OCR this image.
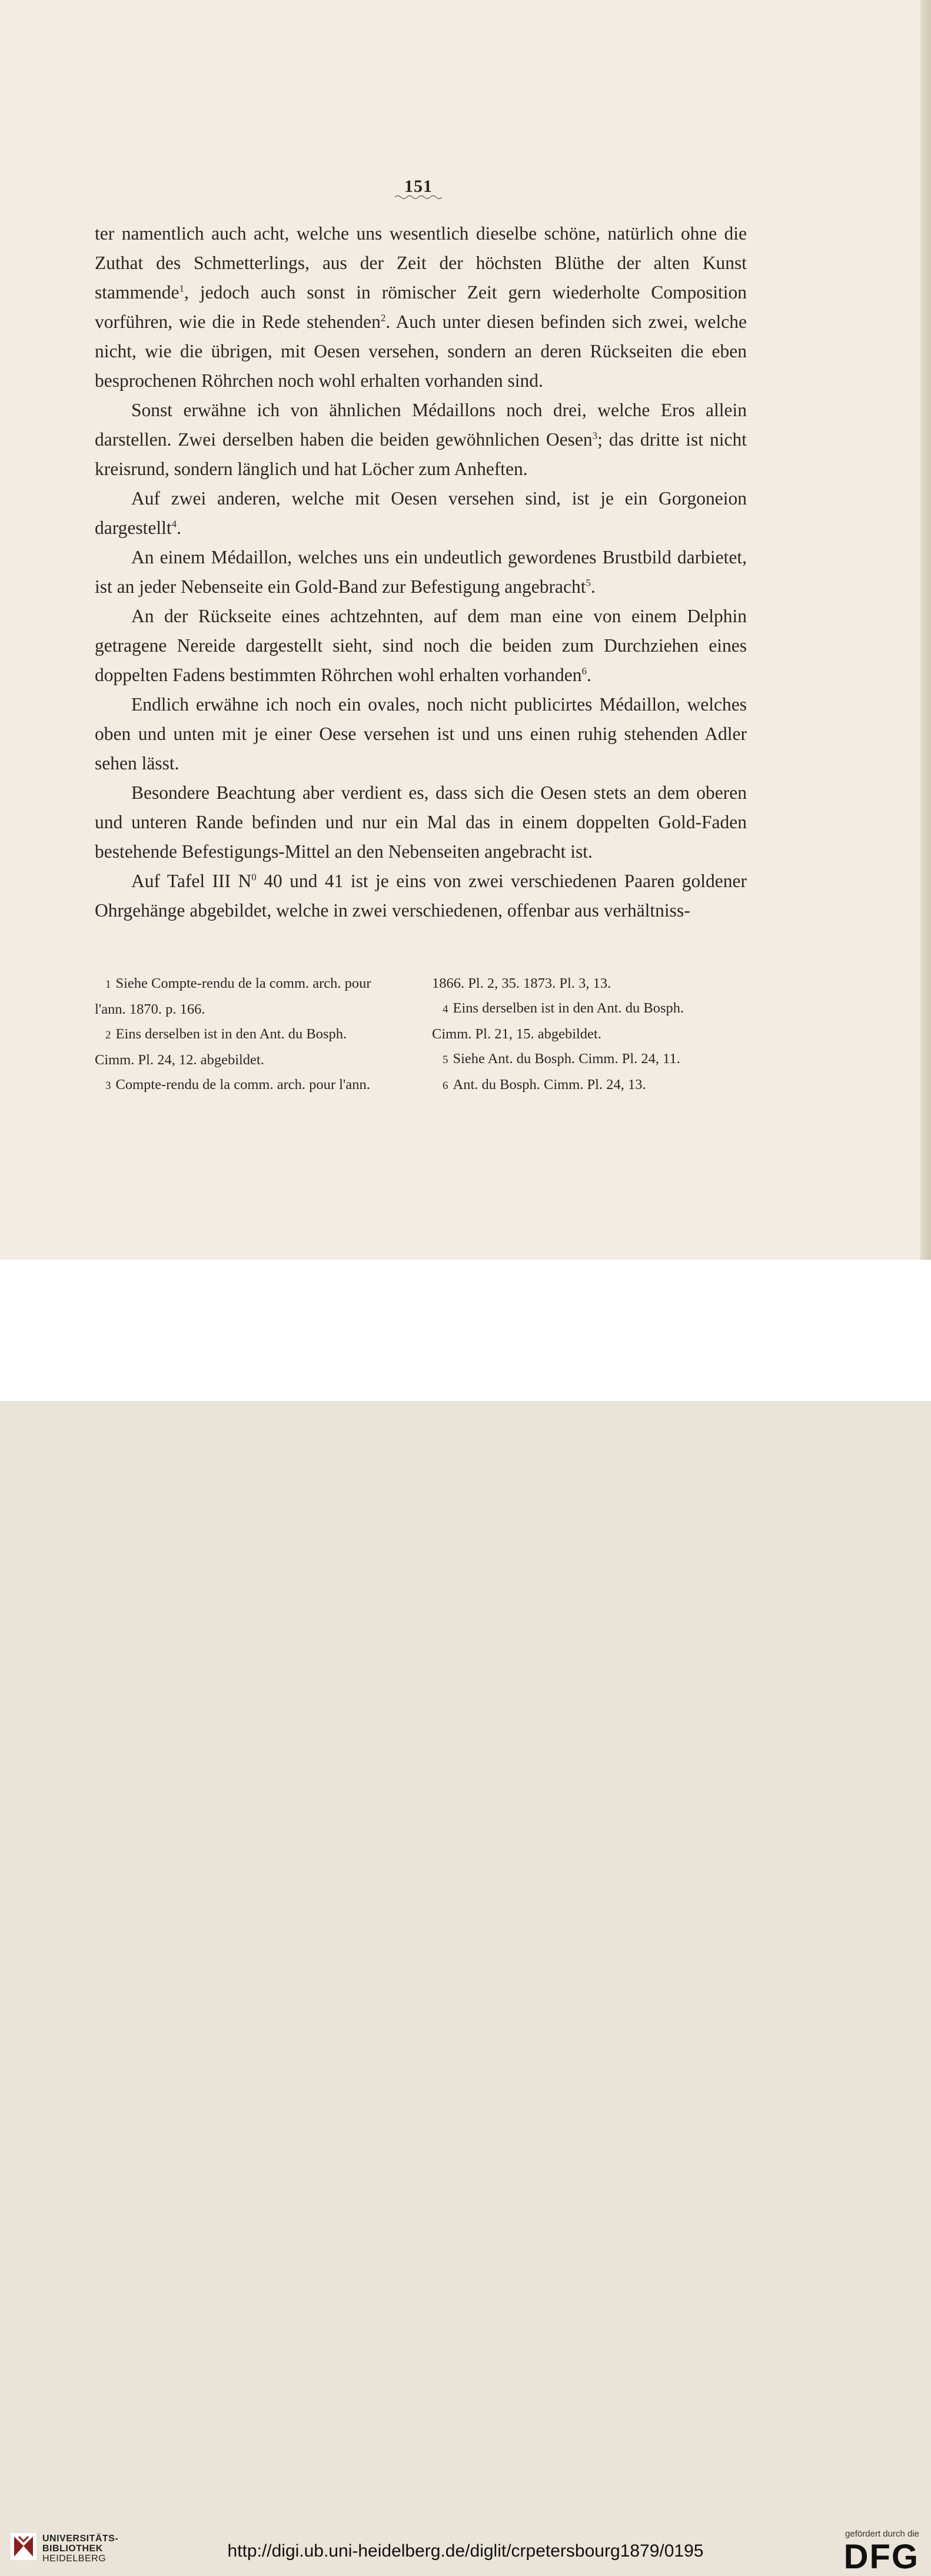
151

ter namentlich auch acht, welche uns wesentlich dieselbe schöne, natürlich ohne die Zuthat des Schmetterlings, aus der Zeit der höchsten Blüthe der alten Kunst stammende$^1$, jedoch auch sonst in römischer Zeit gern wiederholte Composition vorführen, wie die in Rede stehenden$^2$. Auch unter diesen befinden sich zwei, welche nicht, wie die übrigen, mit Oesen versehen, sondern an deren Rückseiten die eben besprochenen Röhrchen noch wohl erhalten vorhanden sind.

Sonst erwähne ich von ähnlichen Médaillons noch drei, welche Eros allein darstellen. Zwei derselben haben die beiden gewöhnlichen Oesen$^3$; das dritte ist nicht kreisrund, sondern länglich und hat Löcher zum Anheften.

Auf zwei anderen, welche mit Oesen versehen sind, ist je ein Gorgoneion dargestellt$^4$.

An einem Médaillon, welches uns ein undeutlich gewordenes Brustbild darbietet, ist an jeder Nebenseite ein Gold-Band zur Befestigung angebracht$^5$.

An der Rückseite eines achtzehnten, auf dem man eine von einem Delphin getragene Nereide dargestellt sieht, sind noch die beiden zum Durchziehen eines doppelten Fadens bestimmten Röhrchen wohl erhalten vorhanden$^6$.

Endlich erwähne ich noch ein ovales, noch nicht publicirtes Médaillon, welches oben und unten mit je einer Oese versehen ist und uns einen ruhig stehenden Adler sehen lässt.

Besondere Beachtung aber verdient es, dass sich die Oesen stets an dem oberen und unteren Rande befinden und nur ein Mal das in einem doppelten Gold-Faden bestehende Befestigungs-Mittel an den Nebenseiten angebracht ist.

Auf Tafel III $N^0$ 40 und 41 ist je eins von zwei verschiedenen Paaren goldener Ohrgehänge abgebildet, welche in zwei verschiedenen, offenbar aus verhältniss-

1 Siehe Compte-rendu de la comm. arch. pour

l'ann. 1870. p. 166.

2 Eins derselben ist in den Ant. du Bosph.

Cimm. Pl. 24, 12. abgebildet.

3 Compte-rendu de la comm. arch. pour l'ann.

1866. Pl. 2, 35. 1873. Pl. 3, 13.

4 Eins derselben ist in den Ant. du Bosph.

Cimm. Pl. 21, 15. abgebildet.

5 Siehe Ant. du Bosph. Cimm. Pl. 24, 11.

6 Ant. du Bosph. Cimm. Pl. 24, 13.

UNIVERSITÄTS-
BIBLIOTHEK
HEIDELBERG	http://digi.ub.uni-heidelberg.de/diglit/crpetersbourg1879/0195
gefördert durch die
DFG
